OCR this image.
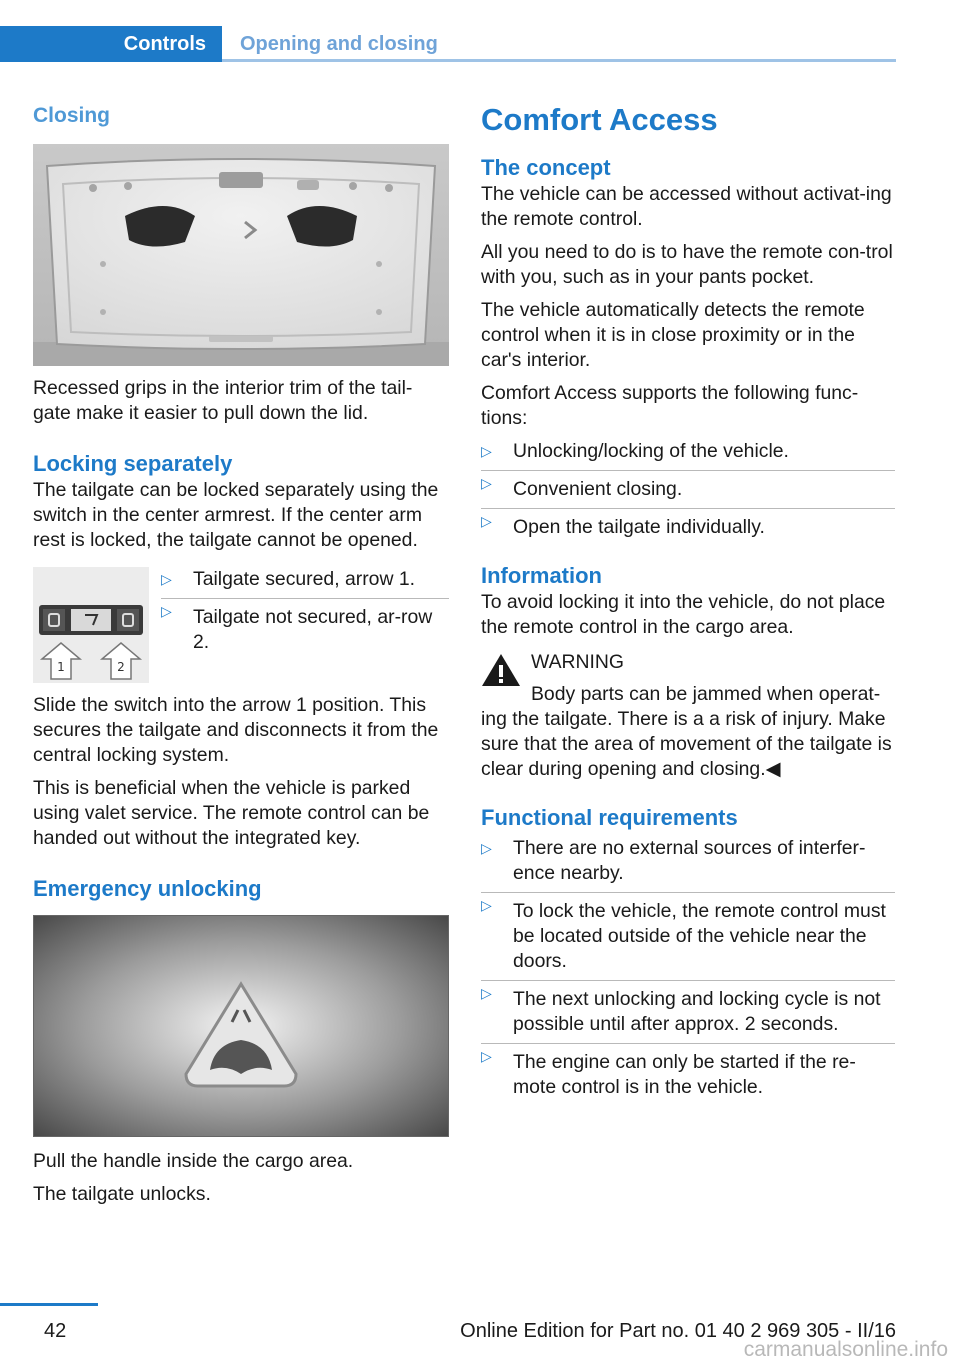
Controls	Opening and closing
Closing

Recessed grips in the interior trim of the tail-gate make it easier to pull down the lid.

Locking separately

The tailgate can be locked separately using the switch in the center armrest. If the center arm rest is locked, the tailgate cannot be opened.

1	2
▷ Tailgate secured, arrow 1.
▷ Tailgate not secured, ar-row 2.

Slide the switch into the arrow 1 position. This secures the tailgate and disconnects it from the central locking system.

This is beneficial when the vehicle is parked using valet service. The remote control can be handed out without the integrated key.

Emergency unlocking

Pull the handle inside the cargo area.

The tailgate unlocks.

Comfort Access
The concept

The vehicle can be accessed without activat-ing the remote control.

All you need to do is to have the remote con-trol with you, such as in your pants pocket.

The vehicle automatically detects the remote control when it is in close proximity or in the car's interior.

Comfort Access supports the following func-tions:

▷ Unlocking/locking of the vehicle.
▷ Convenient closing.
▷ Open the tailgate individually.
Information

To avoid locking it into the vehicle, do not place the remote control in the cargo area.

WARNING

Body parts can be jammed when operat-ing the tailgate. There is a a risk of injury. Make sure that the area of movement of the tailgate is clear during opening and closing.◀

Functional requirements
▷ There are no external sources of interfer-ence nearby.
▷ To lock the vehicle, the remote control must be located outside of the vehicle near the doors.
▷ The next unlocking and locking cycle is not possible until after approx. 2 seconds.
▷ The engine can only be started if the re-mote control is in the vehicle.
42	Online Edition for Part no. 01 40 2 969 305 - II/16
carmanualsonline.info
